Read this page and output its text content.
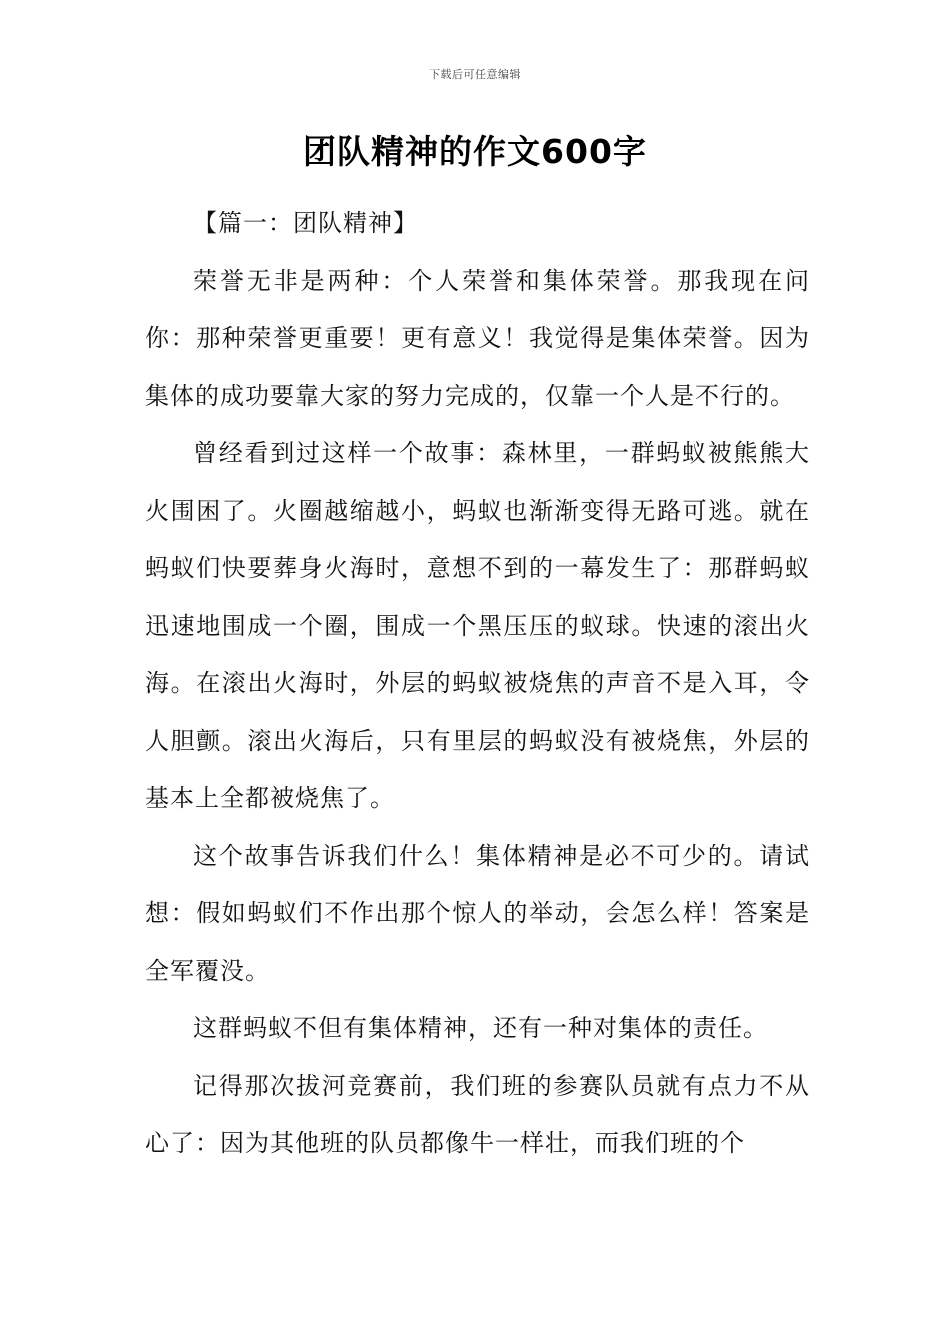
下载后可任意编辑
团队精神的作文600字

【篇一：团队精神】

荣誉无非是两种：个人荣誉和集体荣誉。那我现在问你：那种荣誉更重要！更有意义！我觉得是集体荣誉。因为集体的成功要靠大家的努力完成的，仅靠一个人是不行的。

曾经看到过这样一个故事：森林里，一群蚂蚁被熊熊大火围困了。火圈越缩越小，蚂蚁也渐渐变得无路可逃。就在蚂蚁们快要葬身火海时，意想不到的一幕发生了：那群蚂蚁迅速地围成一个圈，围成一个黑压压的蚁球。快速的滚出火海。在滚出火海时，外层的蚂蚁被烧焦的声音不是入耳，令人胆颤。滚出火海后，只有里层的蚂蚁没有被烧焦，外层的基本上全都被烧焦了。

这个故事告诉我们什么！集体精神是必不可少的。请试想：假如蚂蚁们不作出那个惊人的举动，会怎么样！答案是全军覆没。

这群蚂蚁不但有集体精神，还有一种对集体的责任。

记得那次拔河竞赛前，我们班的参赛队员就有点力不从心了：因为其他班的队员都像牛一样壮，而我们班的个
